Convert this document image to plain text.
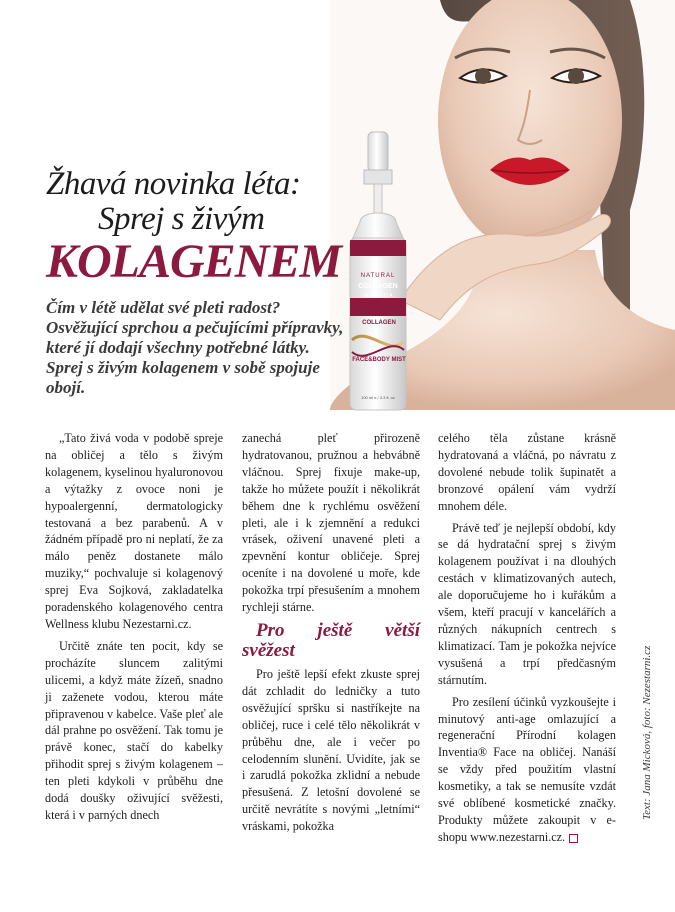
TRIPLE HELIX FORMULA
NATURAL
COLLAGEN
INVENTIA
COLLAGEN
FACE&BODY MIST
100 ml e / 3.3 fl. oz
Žhavá novinka léta:
Sprej s živým
KOLAGENEM

Čím v létě udělat své pleti radost? Osvěžující sprchou a pečujícími přípravky, které jí dodají všechny potřebné látky. Sprej s živým kolagenem v sobě spojuje obojí.

„Tato živá voda v podobě spreje na obličej a tělo s živým kolagenem, kyselinou hyaluronovou a výtažky z ovoce noni je hypoalergenní, dermatologicky testovaná a bez parabenů. A v žádném případě pro ni neplatí, že za málo peněz dostanete málo muziky,“ pochvaluje si kolagenový sprej Eva Sojková, zakladatelka poradenského kolagenového centra Wellness klubu Nezestarni.cz.

Určitě znáte ten pocit, kdy se procházíte sluncem zalitými ulicemi, a když máte žízeň, snadno ji zaženete vodou, kterou máte připravenou v kabelce. Vaše pleť ale dál prahne po osvěžení. Tak tomu je právě konec, stačí do kabelky přihodit sprej s živým kolagenem – ten pleti kdykoli v průběhu dne dodá doušky oživující svěžesti, která i v parných dnech

zanechá pleť přirozeně hydratovanou, pružnou a hebvábně vláčnou. Sprej fixuje make-up, takže ho můžete použít i několikrát během dne k rychlému osvěžení pleti, ale i k zjemnění a redukci vrásek, oživení unavené pleti a zpevnění kontur obličeje. Sprej oceníte i na dovolené u moře, kde pokožka trpí přesušením a mnohem rychleji stárne.

Pro ještě větší svěžest

Pro ještě lepší efekt zkuste sprej dát zchladit do ledničky a tuto osvěžující spršku si nastříkejte na obličej, ruce i celé tělo několikrát v průběhu dne, ale i večer po celodenním slunění. Uvidíte, jak se i zarudlá pokožka zklidní a nebude přesušená. Z letošní dovolené se určitě nevrátíte s novými „letními“ vráskami, pokožka

celého těla zůstane krásně hydratovaná a vláčná, po návratu z dovolené nebude tolik šupinatět a bronzové opálení vám vydrží mnohem déle.

Právě teď je nejlepší období, kdy se dá hydratační sprej s živým kolagenem používat i na dlouhých cestách v klimatizovaných autech, ale doporučujeme ho i kuřákům a všem, kteří pracují v kancelářích a různých nákupních centrech s klimatizací. Tam je pokožka nejvíce vysušená a trpí předčasným stárnutím.

Pro zesílení účinků vyzkoušejte i minutový anti-age omlazující a regenerační Přírodní kolagen Inventia® Face na obličej. Nanáší se vždy před použitím vlastní kosmetiky, a tak se nemusíte vzdát své oblíbené kosmetické značky. Produkty můžete zakoupit v e-shopu www.nezestarni.cz.

Text: Jana Micková, foto: Nezestarni.cz
